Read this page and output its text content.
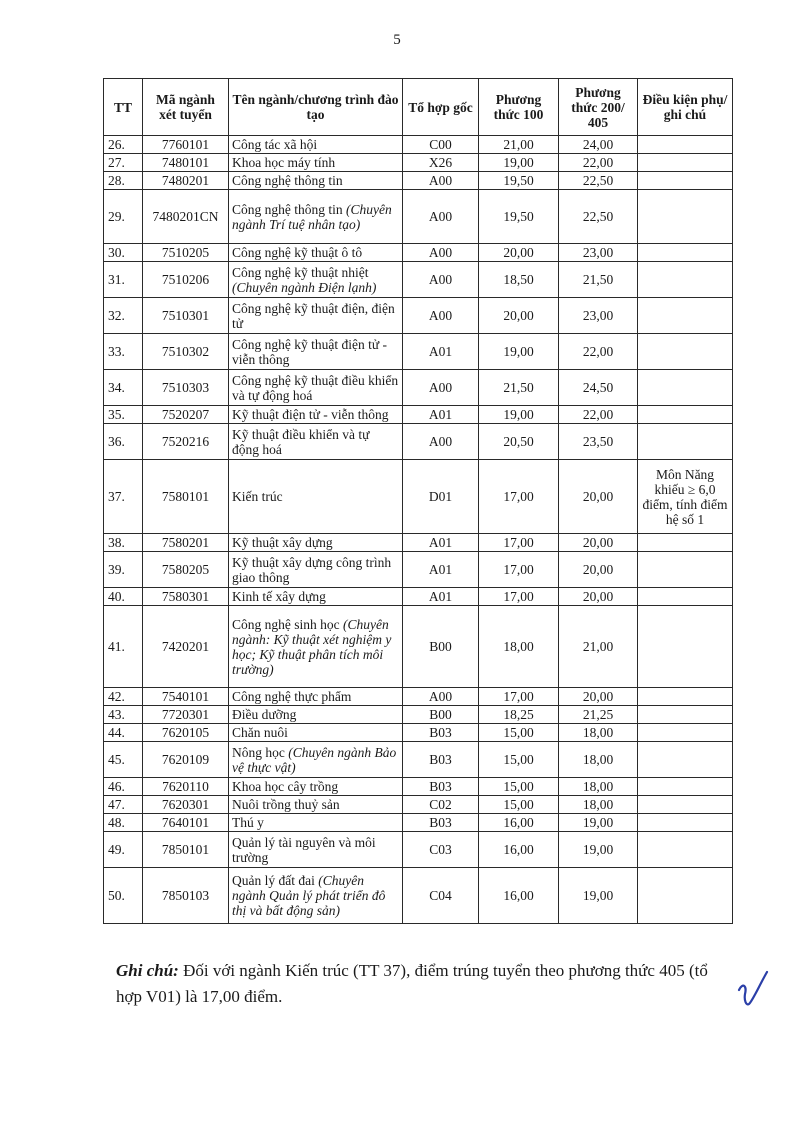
5
TT	Mã ngành xét tuyển	Tên ngành/chương trình đào tạo	Tổ hợp gốc	Phương thức 100	Phương thức 200/ 405	Điều kiện phụ/ ghi chú
26.	7760101	Công tác xã hội	C00	21,00	24,00	
27.	7480101	Khoa học máy tính	X26	19,00	22,00	
28.	7480201	Công nghệ thông tin	A00	19,50	22,50	
29.	7480201CN	Công nghệ thông tin (Chuyên ngành Trí tuệ nhân tạo)	A00	19,50	22,50	
30.	7510205	Công nghệ kỹ thuật ô tô	A00	20,00	23,00	
31.	7510206	Công nghệ kỹ thuật nhiệt (Chuyên ngành Điện lạnh)	A00	18,50	21,50	
32.	7510301	Công nghệ kỹ thuật điện, điện tử	A00	20,00	23,00	
33.	7510302	Công nghệ kỹ thuật điện tử - viễn thông	A01	19,00	22,00	
34.	7510303	Công nghệ kỹ thuật điều khiển và tự động hoá	A00	21,50	24,50	
35.	7520207	Kỹ thuật điện tử - viễn thông	A01	19,00	22,00	
36.	7520216	Kỹ thuật điều khiển và tự động hoá	A00	20,50	23,50	
37.	7580101	Kiến trúc	D01	17,00	20,00	Môn Năng khiếu ≥ 6,0 điểm, tính điểm hệ số 1
38.	7580201	Kỹ thuật xây dựng	A01	17,00	20,00	
39.	7580205	Kỹ thuật xây dựng công trình giao thông	A01	17,00	20,00	
40.	7580301	Kinh tế xây dựng	A01	17,00	20,00	
41.	7420201	Công nghệ sinh học (Chuyên ngành: Kỹ thuật xét nghiệm y học; Kỹ thuật phân tích môi trường)	B00	18,00	21,00	
42.	7540101	Công nghệ thực phẩm	A00	17,00	20,00	
43.	7720301	Điều dưỡng	B00	18,25	21,25	
44.	7620105	Chăn nuôi	B03	15,00	18,00	
45.	7620109	Nông học (Chuyên ngành Bảo vệ thực vật)	B03	15,00	18,00	
46.	7620110	Khoa học cây trồng	B03	15,00	18,00	
47.	7620301	Nuôi trồng thuỷ sản	C02	15,00	18,00	
48.	7640101	Thú y	B03	16,00	19,00	
49.	7850101	Quản lý tài nguyên và môi trường	C03	16,00	19,00	
50.	7850103	Quản lý đất đai (Chuyên ngành Quản lý phát triển đô thị và bất động sản)	C04	16,00	19,00	
Ghi chú: Đối với ngành Kiến trúc (TT 37), điểm trúng tuyển theo phương thức 405 (tổ hợp V01) là 17,00 điểm.
